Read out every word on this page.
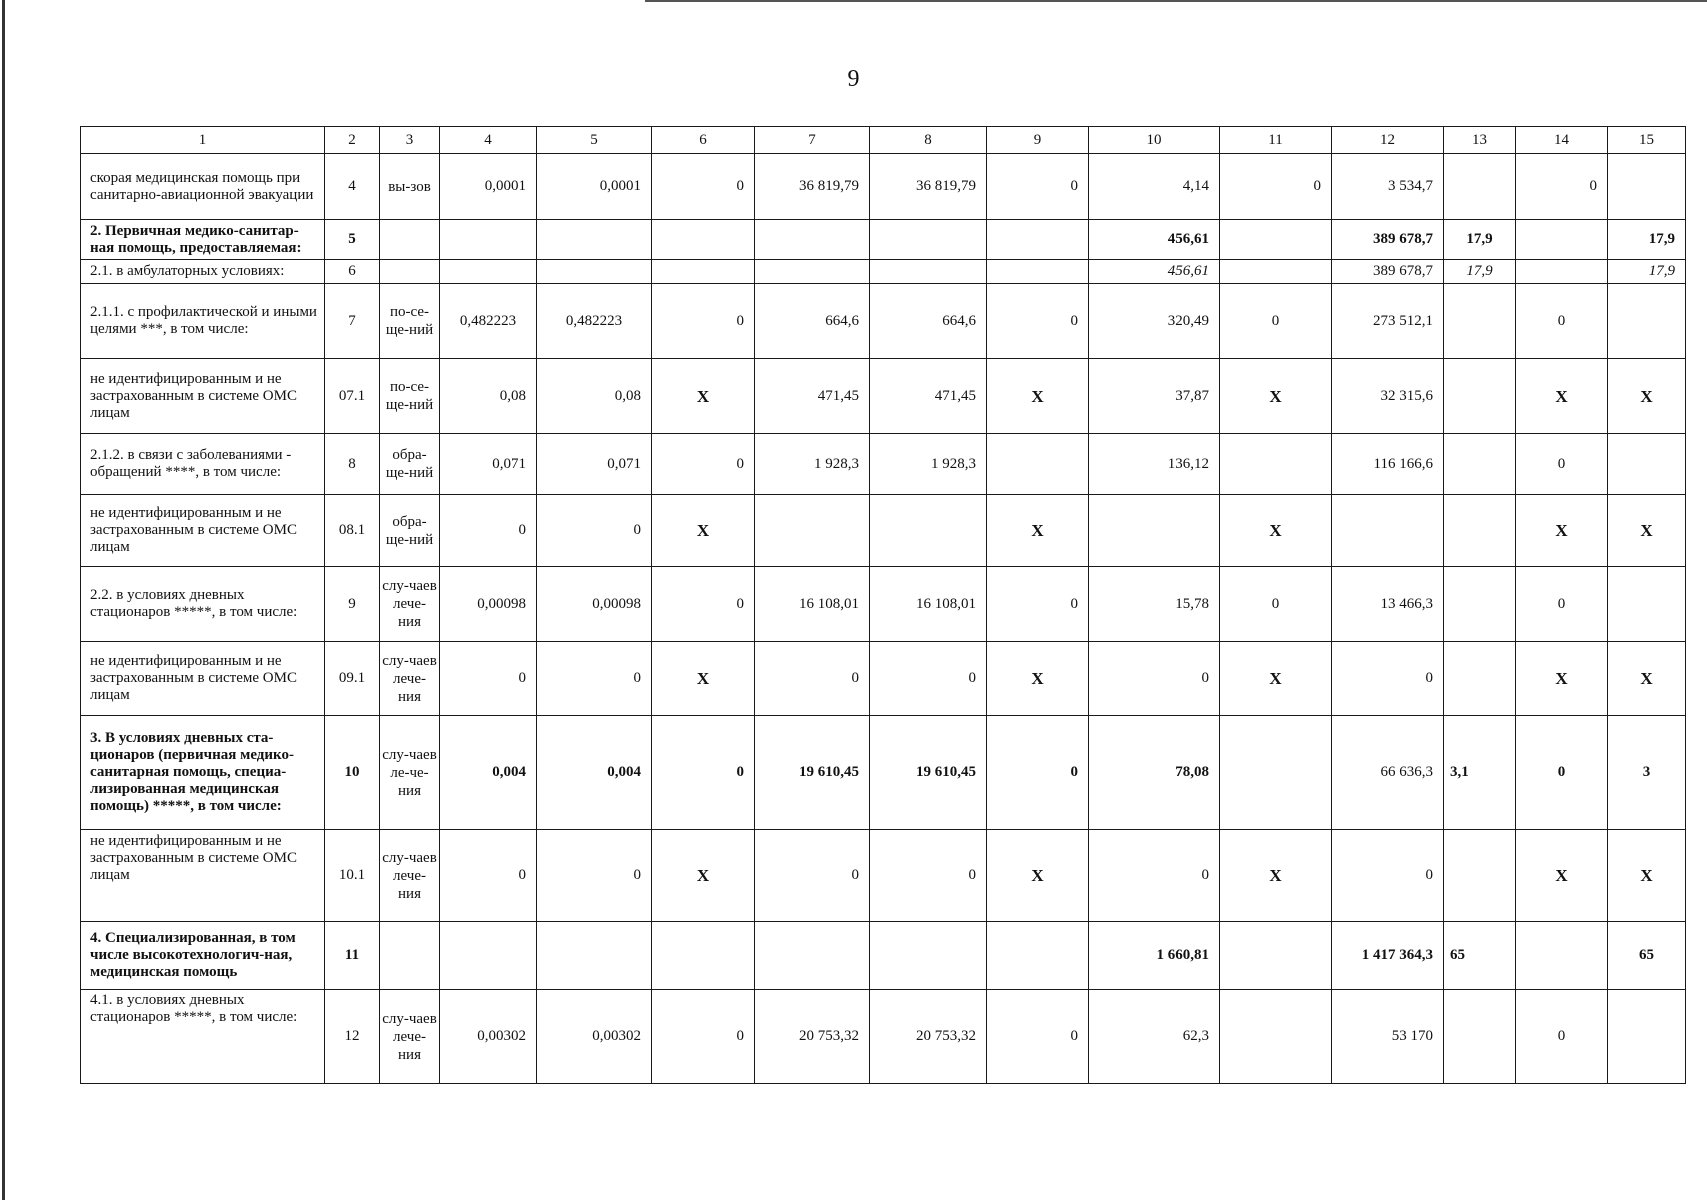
9
1	2	3	4	5	6	7	8	9	10	11	12	13	14	15
скорая медицинская помощь при санитарно-авиационной эвакуации	4	вы-зов	0,0001	0,0001	0	36 819,79	36 819,79	0	4,14	0	3 534,7		0	
2. Первичная медико-санитар-ная помощь, предоставляемая:	5								456,61		389 678,7	17,9		17,9
2.1. в амбулаторных условиях:	6								456,61		389 678,7	17,9		17,9
2.1.1. с профилактической и иными целями ***, в том числе:	7	по-се-ще-ний	0,482223	0,482223	0	664,6	664,6	0	320,49	0	273 512,1		0	
не идентифицированным и не застрахованным в системе ОМС лицам	07.1	по-се-ще-ний	0,08	0,08	X	471,45	471,45	X	37,87	X	32 315,6		X	X
2.1.2. в связи с заболеваниями - обращений ****, в том числе:	8	обра-ще-ний	0,071	0,071	0	1 928,3	1 928,3		136,12		116 166,6		0	
не идентифицированным и не застрахованным в системе ОМС лицам	08.1	обра-ще-ний	0	0	X			X		X			X	X
2.2. в условиях дневных стационаров *****, в том числе:	9	слу-чаев лече-ния	0,00098	0,00098	0	16 108,01	16 108,01	0	15,78	0	13 466,3		0	
не идентифицированным и не застрахованным в системе ОМС лицам	09.1	слу-чаев лече-ния	0	0	X	0	0	X	0	X	0		X	X
3. В условиях дневных ста-ционаров (первичная медико-санитарная помощь, специа-лизированная медицинская помощь) *****, в том числе:	10	слу-чаев ле-че-ния	0,004	0,004	0	19 610,45	19 610,45	0	78,08		66 636,3	3,1	0	3
не идентифицированным и не застрахованным в системе ОМС лицам	10.1	слу-чаев лече-ния	0	0	X	0	0	X	0	X	0		X	X
4. Специализированная, в том числе высокотехнологич-ная, медицинская помощь	11								1 660,81		1 417 364,3	65		65
4.1. в условиях дневных стационаров *****, в том числе:	12	слу-чаев лече-ния	0,00302	0,00302	0	20 753,32	20 753,32	0	62,3		53 170		0	
